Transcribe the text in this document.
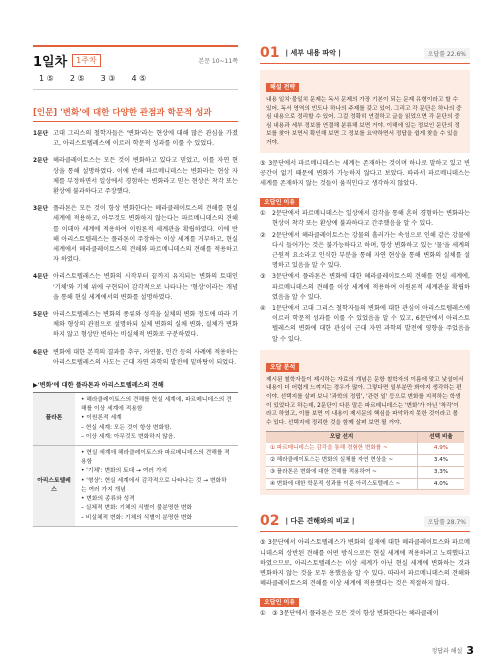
1일차	1주차	본문 10~11쪽
1 ⑤ 2 ⑤ 3 ③ 4 ⑤
[인문] '변화'에 대한 다양한 관점과 학문적 성과
1문단 고대 그리스의 철학자들은 '변화'라는 현상에 대해 많은 관심을 가졌고, 아리스토텔레스에 이르러 학문적 성과를 이룰 수 있었다.
2문단 헤라클레이토스는 모든 것이 변화하고 있다고 믿었고, 이를 자연 현상을 통해 설명하였다. 이에 반해 파르메니데스는 변화라는 현상 자체를 부정하면서 일상에서 경험하는 변화라고 믿는 현상은 착각 또는 환상에 불과하다고 주장했다.
3문단 플라톤은 모든 것이 항상 변화한다는 헤라클레이토스의 견해를 현실 세계에 적용하고, 아무것도 변화하지 않는다는 파르메니데스의 견해를 이데아 세계에 적용하여 이원론적 세계관을 확립하였다. 이에 반해 아리스토텔레스는 플라톤이 주장하는 이상 세계를 거부하고, 현실 세계에서 헤라클레이토스의 견해와 파르메니데스의 견해를 적용하고자 하였다.
4문단 아리스토텔레스는 변화의 시작부터 끝까지 유지되는 변화의 토대인 '기체'와 기체 위에 구현되어 감각적으로 나타나는 '형상'이라는 개념을 통해 현실 세계에서의 변화를 설명하였다.
5문단 아리스토텔레스는 변화의 종류와 성격을 실체의 변화 정도에 따라 기체와 형상의 관점으로 설명하되 실체 변화의 실체 변화, 실체가 변화하지 않고 형상만 변하는 비실체적 변화로 구분하였다.
6문단 변화에 대한 본격의 결과를 추구, 자연물, 인간 등의 사례에 적용하는 아리스토텔레스의 사도는 근대 자연 과학의 발전에 밑바탕이 되었다.
▶'변화'에 대한 플라톤과 아리스토텔레스의 견해
플라톤
• 헤라클레이토스의 견해를 현실 세계에, 파르메니데스의 견해를 이상 세계에 적용함
• 이원론적 세계
– 현실 세계: 모든 것이 항상 변화함.
– 이상 세계: 아무것도 변화하지 않음.
아리스토텔레스
• 현실 세계에 헤라클레이토스와 파르메니데스의 견해를 적용함
• '기체': 변화의 토대 → 여러 가지
• '형상': 현실 세계에서 감각적으로 나타나는 것 → 변화하는 여러 가지 개념
• 변화의 종류와 성격
– 실체적 변화: 기체의 식별이 불분명한 변화
– 비실체적 변화: 기체의 식별이 분명한 변화
01 | 세부 내용 파악 |	오답률 22.6%
해설 전략
내용 일치·불일치 문제는 독서 문제의 가장 기본이 되는 문제 유형이라고 할 수 있어. 독서 영역의 빈도나 하나의 주제를 갖고 있어. 그리고 각 문단은 하나의 중심 내용으로 정리할 수 있어. 그걸 정확히 연결하고 글을 읽었으면 각 문단의 중심 내용과 세부 정보를 연결해 분류해 보면 거야. 이해에 있는 정보인 문단의 정보를 찾아 보면서 확인해 보면 그 정보를 요약하면서 정답을 쉽게 찾을 수 있을 거야.
⑤ 3문단에서 파르메니데스는 세계는 존재하는 것이며 하나로 말하고 있고 빈 공간이 없기 때문에 변화가 가능하지 않다고 보았다. 따라서 파르메니데스는 세계를 존재하지 않는 것들이 움직인다고 생각하지 않았다.
오답인 이유
①	2문단에서 파르메니데스는 일상에서 감각을 통해 흔히 경험하는 변화라는 현상이 착각 또는 환상에 불과하다고 간주했음을 알 수 있다.
②	2문단에서 헤라클레이토스는 강물의 흘러가는 속성으로 인해 같은 강물에 다시 들어가는 것은 불가능하다고 하며, 항상 변화하고 있는 '물'을 세계의 근원적 요소라고 인식한 부분을 통해 자연 현상을 통해 변화의 실체를 설명하고 있음을 알 수 있다.
③	3문단에서 플라톤은 변화에 대한 헤라클레이토스의 견해를 현실 세계에, 파르메니데스의 견해를 이상 세계에 적용하여 이원론적 세계관을 확립하였음을 알 수 있다.
④	1문단에서 고대 그리스 철학자들의 변화에 대한 관심이 아리스토텔레스에 이르러 학문적 성과를 이룰 수 있었음을 알 수 있고, 6문단에서 아리스토텔레스의 변화에 대한 관심이 근대 자연 과학의 발전에 영향을 주었음을 알 수 있다.
오답 분석
제시된 철학자들이 제시하는 자료의 개념은 문항 철학자의 이름에 맞고 낯설어서 내용이 더 어렵게 느껴지는 경우가 많아. 그렇다면 일부분만 봐야지 생각하는 편이야. 선택지를 살펴 보니 '과학의 정립', '관련 일' 등으로 변화를 지적하는 학생이 있었다고 하는데, 2문단이 다른 말은 파르메니데스는 '변화'가 아닌 '착각'이라고 하였고, 이를 보면 이 내용이 제시문의 핵심을 파악하지 못한 것이라고 볼 수 있다. 선택지에 정리한 것을 함께 살펴 보면 될 거야.
오답 선지	선택 비율
① 파르메니데스는 감각을 통해 경험한 변화를 ~	4.9%
② 헤라클레이토스는 변화의 실체를 자연 현상을 ~	3.4%
③ 플라톤은 변화에 대한 견해를 적용하여 ~	3.3%
④ 변화에 대한 학문적 성과를 이룬 아리스토텔레스 ~	4.0%
02 | 다른 견해와의 비교 |	오답률 28.7%
⑤ 3문단에서 아리스토텔레스가 변화의 실재에 대한 헤라클레이토스와 파르메니데스의 상반된 견해를 어떤 방식으로든 현실 세계에 적용하려고 노력했다고 하였으므로, 아리스토텔레스는 이상 세계가 아닌 현실 세계에 변화하는 것과 변화하지 않는 것을 모두 용했음을 알 수 있다. 따라서 파르메니데스의 견해와 헤라클레이토스의 견해를 이상 세계에 적용했다는 것은 적절하지 않다.
오답인 이유
①	③ 3문단에서 플라톤은 모든 것이 항상 변화한다는 헤라클레이
정답과 해설 3
